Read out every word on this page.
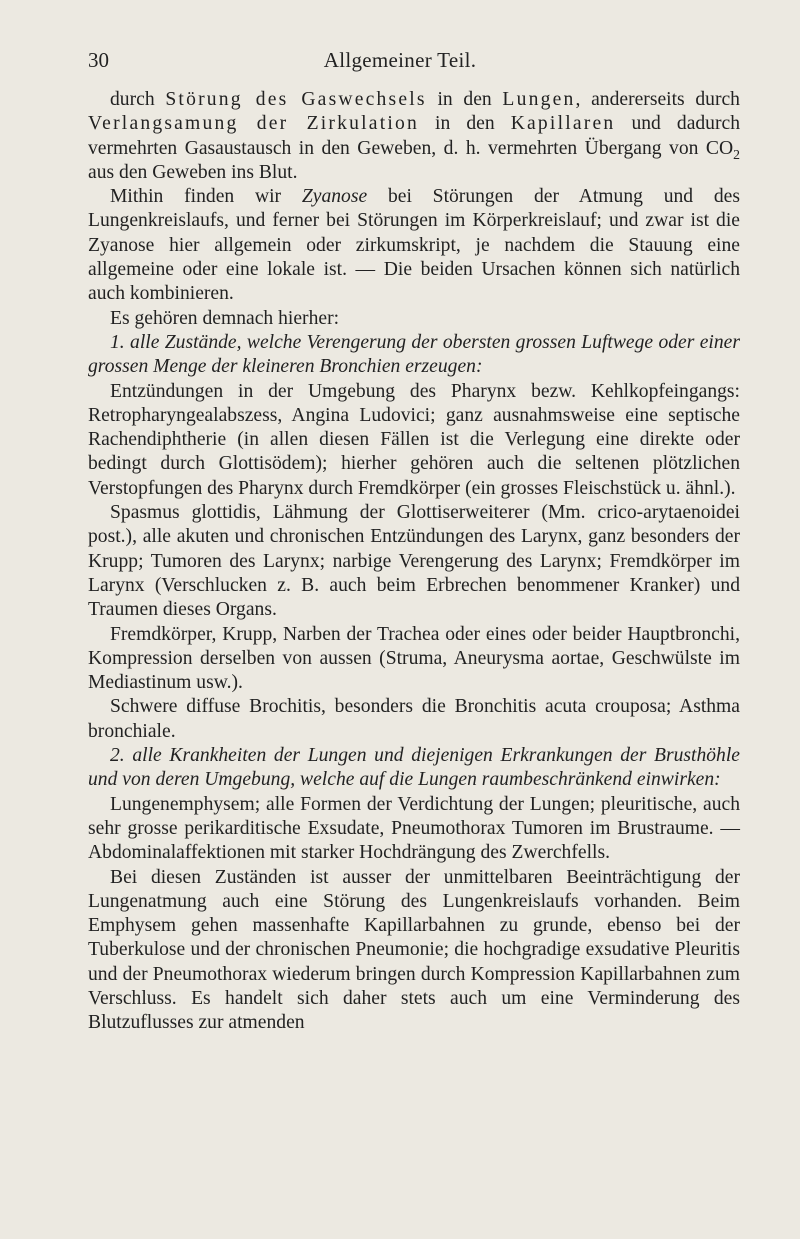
30	Allgemeiner Teil.

durch Störung des Gaswechsels in den Lungen, andererseits durch Verlangsamung der Zirkulation in den Kapillaren und dadurch vermehrten Gasaustausch in den Geweben, d. h. vermehrten Übergang von $CO_2$ aus den Geweben ins Blut.

Mithin finden wir Zyanose bei Störungen der Atmung und des Lungenkreislaufs, und ferner bei Störungen im Körperkreislauf; und zwar ist die Zyanose hier allgemein oder zirkumskript, je nachdem die Stauung eine allgemeine oder eine lokale ist. — Die beiden Ursachen können sich natürlich auch kombinieren.

Es gehören demnach hierher:

1. alle Zustände, welche Verengerung der obersten grossen Luftwege oder einer grossen Menge der kleineren Bronchien erzeugen:

Entzündungen in der Umgebung des Pharynx bezw. Kehlkopfeingangs: Retropharyngealabszess, Angina Ludovici; ganz ausnahmsweise eine septische Rachendiphtherie (in allen diesen Fällen ist die Verlegung eine direkte oder bedingt durch Glottisödem); hierher gehören auch die seltenen plötzlichen Verstopfungen des Pharynx durch Fremdkörper (ein grosses Fleischstück u. ähnl.).

Spasmus glottidis, Lähmung der Glottiserweiterer (Mm. crico-arytaenoidei post.), alle akuten und chronischen Entzündungen des Larynx, ganz besonders der Krupp; Tumoren des Larynx; narbige Verengerung des Larynx; Fremdkörper im Larynx (Verschlucken z. B. auch beim Erbrechen benommener Kranker) und Traumen dieses Organs.

Fremdkörper, Krupp, Narben der Trachea oder eines oder beider Hauptbronchi, Kompression derselben von aussen (Struma, Aneurysma aortae, Geschwülste im Mediastinum usw.).

Schwere diffuse Brochitis, besonders die Bronchitis acuta crouposa; Asthma bronchiale.

2. alle Krankheiten der Lungen und diejenigen Erkrankungen der Brusthöhle und von deren Umgebung, welche auf die Lungen raumbeschränkend einwirken:

Lungenemphysem; alle Formen der Verdichtung der Lungen; pleuritische, auch sehr grosse perikarditische Exsudate, Pneumothorax Tumoren im Brustraume. — Abdominalaffektionen mit starker Hochdrängung des Zwerchfells.

Bei diesen Zuständen ist ausser der unmittelbaren Beeinträchtigung der Lungenatmung auch eine Störung des Lungenkreislaufs vorhanden. Beim Emphysem gehen massenhafte Kapillarbahnen zu grunde, ebenso bei der Tuberkulose und der chronischen Pneumonie; die hochgradige exsudative Pleuritis und der Pneumothorax wiederum bringen durch Kompression Kapillarbahnen zum Verschluss. Es handelt sich daher stets auch um eine Verminderung des Blutzuflusses zur atmenden
